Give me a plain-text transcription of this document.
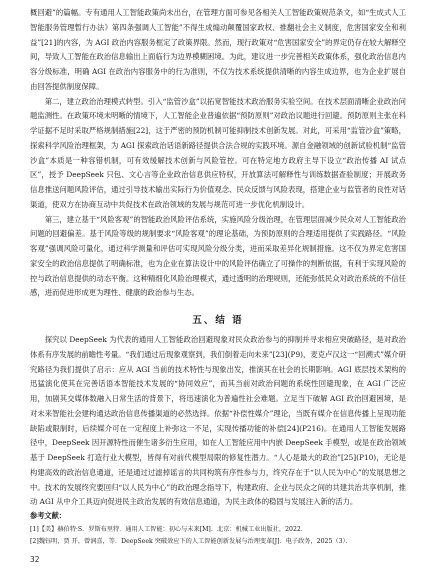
概回避”的篇幅。专有通用人工智能政策尚未出台，在管理方面可参见各相关人工智能政策规范条文，如“生成式人工智能服务管理暂行办法》第四条强调人工智能”不得生成煽动颠覆国家政权、推翻社会主义制度，危害国家安全和利益”[21]的内容，为 AGI 政治内容服务框定了政策界限。然而，现行政策对“危害国家安全”的界定仍存在较大解释空间，导致人工智能在政治信息输出上面临行为边界模糊困境。为此，建议进一步完善相关政策体系，强化政治信息内容分级标准，明确 AGI 在政治内容服务中的行为准则，不仅为技术系统提供清晰的内容生成边界，也为企业扩展自由回答提供制度保障。

第二，建立政治治理模式转型。引入“监管沙盒”以拓宽智能技术政治服务实验空间。在技术层面清晰企业政治问题监测性。在政策环境未明晰的情境下，人工智能企业普遍依据“预防原则”对政治议题进行回避。预防原则主张在科学证据不足时采取严格规制措施[22]，这于严密的预防机制可能抑制技术创新发展。对此，可采用“监管沙盒”策略，探索科学风险治理框架，为 AGI 探索政治话语新路径提供合法合规的实践环境。源自金融领域的创新试验机制“监管沙盒”本质是一种容错机制，可有效缓解技术创新与风险管控。可在特定地方政府主导下设立“政治传播 AI 试点区”，授予 DeepSeek 只包、文心言等企业政治信息供应特权，开放算法可解释性与训练数据查验制度；开展政务信息推送问题风险评估，通过引导技术输出实际行为价值观念、民众反馈与风险表现，搭建企业与监管者的良性对话渠道，使双方在协商互动中共促技术在政治领域的发展与规范可进一步优化机制设计。

第三，建立基于“风险客观”的智能政治风险评估系统，实施风险分级治理，在管理层面减少民众对人工智能政治问题的回避偏差。基于风险等级的规制要求“风险客观”的理论基础，为预防原则的合理适用提供了实践路径。“风险客观”强调风险可量化，通过科学测量和评估可实现风险分级分类，进而采取差异化规制措施。这不仅为界定危害国家安全的政治信息提供了明确标准，也为企业在算法设计中的风险评估确立了可操作的判断依据，有利于实现风险的控与政治信息提供的动态平衡。这种精细化风险治理模式，通过透明的治理规则，还能弥低民众对政治系统的不信任感，进而促进形成更为理性、健康的政治参与生态。

五、结 语

探究以 DeepSeek 为代表的通用人工智能政治回避现象对民众政治参与的抑制并寻求相应突破路径，是对政治体系有序发展的前瞻性考量。“我们通过后现象观察到，我们倒着走向未来”[23](P9)，麦克卢汉这一“回溯式”媒介研究路径为我们提供了启示：应从 AGI 当前的技术特性与现象出发，推演其在社会的长期影响。AGI 底层技术架构的迅猛演化使其在完善话语本智能技术发展的“协同效应”，而其当前对政治问题的系统性回避现象，在 AGI 广泛应用，加剧其交媒体数融入日常生活的背景下，将迅速演化为普遍性社会难题。立足当下破解 AGI 政治回避困境，是对未来智能社会建构通达政治信息传播渠道的必然选择。依据“补偿性媒介”理论，当既有媒介在信息传播上呈现功能缺陷或限制时，后续媒介可在一定程度上补弥这一不足，实现传播功能的补偿[24](P216)。在通用人工智能发展路径中，DeepSeek 因开源特性而催生诸多衍生应用，如在人工智能应用中内嵌 DeepSeek 手模型，或是在政治领域基于 DeepSeek 打造行业大模型，皆得有对前代模型局限的修复性潜力。“人心是最大的政治”[25](P10)，无论是构建高效的政治信息通道，还是通过过滤掉谣言的共同构筑有序性参与力，终究存在于“以人民为中心”的发展思想之中。技术的发展终究要回归“以人民为中心”的政治理念指导下，构建政府、企业与民众之间的共建共治共享机制，推动 AGI 从中介工具迈向促进民主政治发展的有效信息通道，为民主政体的稳固与发展注入新的活力。

参考文献：

[1]【美】赫伯特·S．罗斯布里特．通用人工智能：初心与未来[M]．北京：机械工业出版社，2022．

[2]魏钰明，贾 开，曾润喜，等．DeepSeek 突破效应下的人工智能创新发展与治理变革[J]．电子政务，2025（3）．

32
